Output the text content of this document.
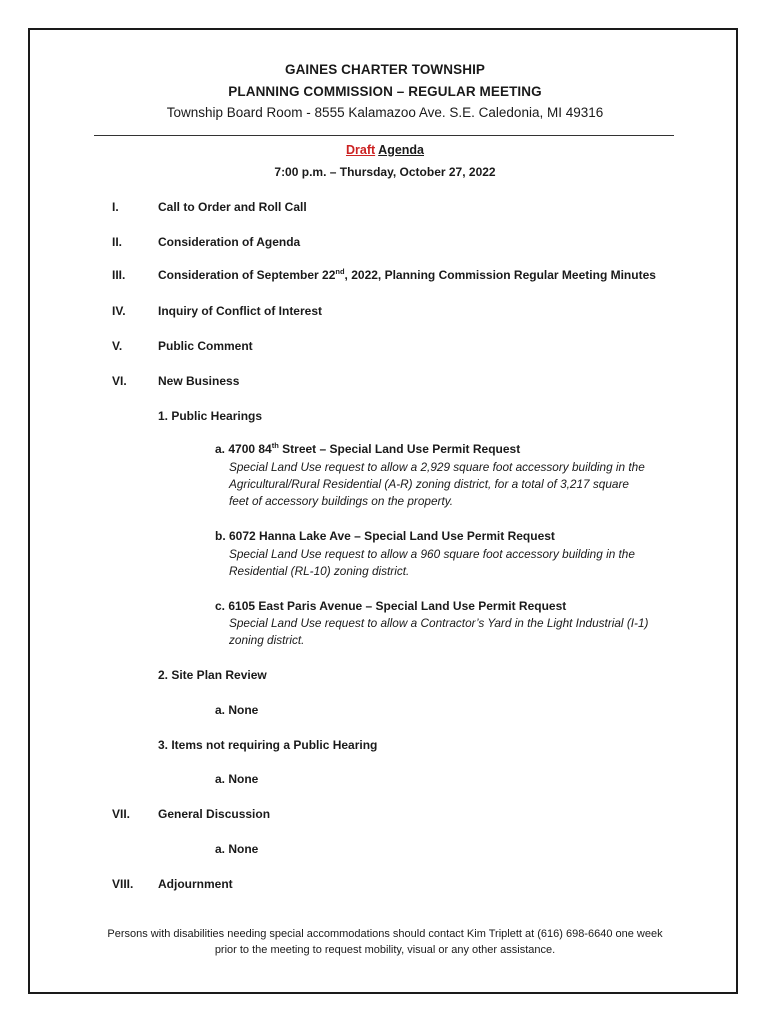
GAINES CHARTER TOWNSHIP
PLANNING COMMISSION – REGULAR MEETING
Township Board Room - 8555 Kalamazoo Ave. S.E. Caledonia, MI 49316
Draft Agenda
7:00 p.m. – Thursday, October 27, 2022
I.	Call to Order and Roll Call
II.	Consideration of Agenda
III.	Consideration of September 22nd, 2022, Planning Commission Regular Meeting Minutes
IV.	Inquiry of Conflict of Interest
V.	Public Comment
VI.	New Business
1. Public Hearings
a. 4700 84th Street – Special Land Use Permit Request
Special Land Use request to allow a 2,929 square foot accessory building in the
Agricultural/Rural Residential (A-R) zoning district, for a total of 3,217 square
feet of accessory buildings on the property.
b. 6072 Hanna Lake Ave – Special Land Use Permit Request
Special Land Use request to allow a 960 square foot accessory building in the
Residential (RL-10) zoning district.
c. 6105 East Paris Avenue – Special Land Use Permit Request
Special Land Use request to allow a Contractor’s Yard in the Light Industrial (I-1)
zoning district.
2. Site Plan Review
a. None
3. Items not requiring a Public Hearing
a. None
VII. General Discussion
a. None
VIII. Adjournment
Persons with disabilities needing special accommodations should contact Kim Triplett at (616) 698-6640 one week
prior to the meeting to request mobility, visual or any other assistance.
